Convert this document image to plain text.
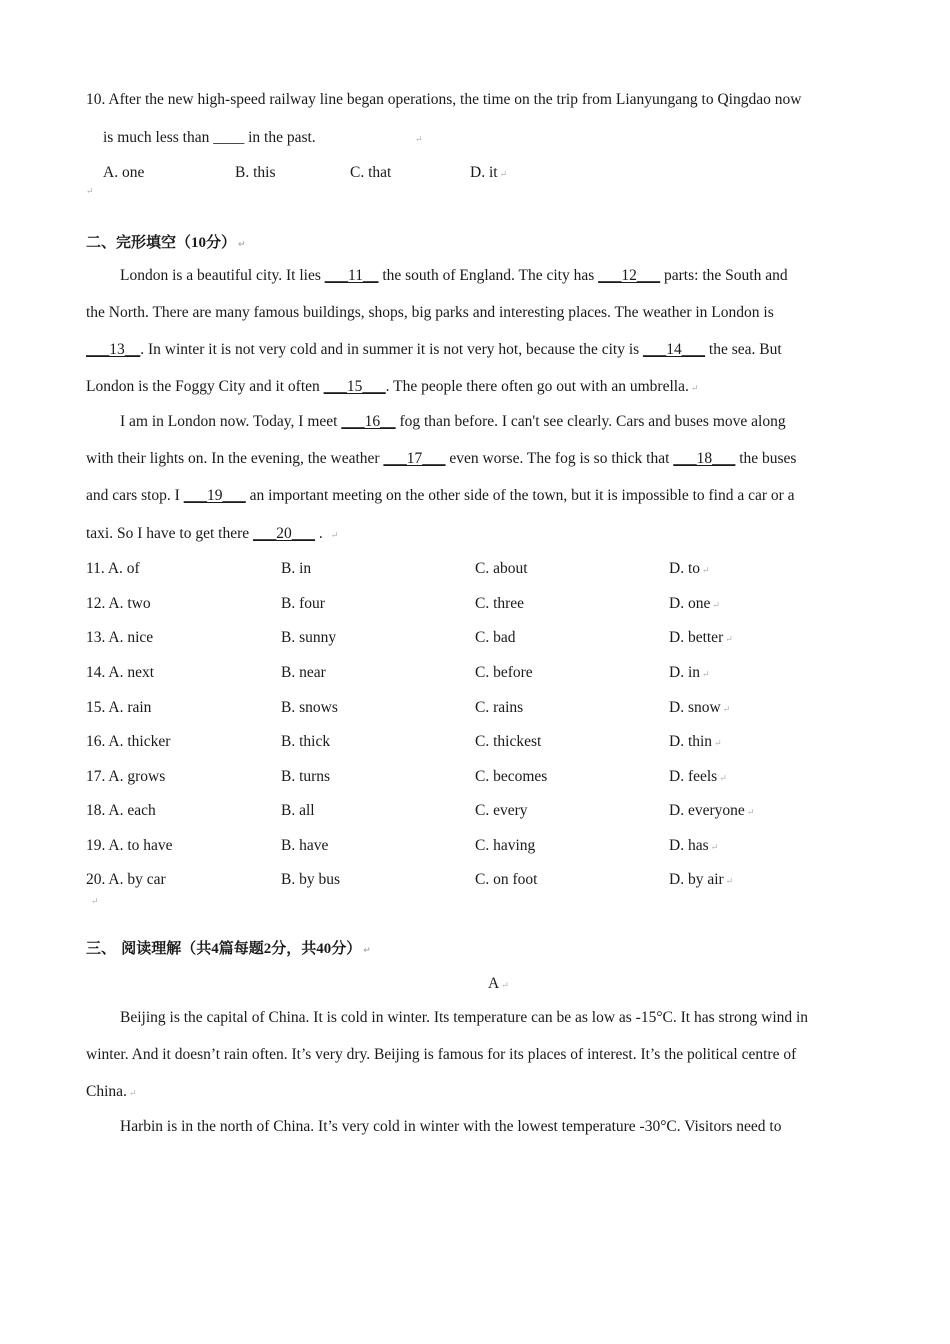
10. After the new high-speed railway line began operations, the time on the trip from Lianyungang to Qingdao now
is much less than ____ in the past.	↵
A. one	B. this	C. that	D. it ↵
↵
二、完形填空（10分） ↵
London is a beautiful city. It lies ___11__ the south of England. The city has ___12___ parts: the South and
the North. There are many famous buildings, shops, big parks and interesting places. The weather in London is
___13__. In winter it is not very cold and in summer it is not very hot, because the city is ___14___ the sea. But
London is the Foggy City and it often ___15___. The people there often go out with an umbrella. ↵
I am in London now. Today, I meet ___16__ fog than before. I can't see clearly. Cars and buses move along
with their lights on. In the evening, the weather ___17___ even worse. The fog is so thick that ___18___ the buses
and cars stop. I ___19___ an important meeting on the other side of the town, but it is impossible to find a car or a
taxi. So I have to get there ___20___ . ↵
11. A. of	B. in	C. about	D. to ↵
12. A. two	B. four	C. three	D. one ↵
13. A. nice	B. sunny	C. bad	D. better ↵
14. A. next	B. near	C. before	D. in ↵
15. A. rain	B. snows	C. rains	D. snow ↵
16. A. thicker	B. thick	C. thickest	D. thin ↵
17. A. grows	B. turns	C. becomes	D. feels ↵
18. A. each	B. all	C. every	D. everyone ↵
19. A. to have	B. have	C. having	D. has ↵
20. A. by car	B. by bus	C. on foot	D. by air ↵
↵
三、 阅读理解（共4篇每题2分，共40分） ↵
A ↵
Beijing is the capital of China. It is cold in winter. Its temperature can be as low as -15°C. It has strong wind in
winter. And it doesn’t rain often. It’s very dry. Beijing is famous for its places of interest. It’s the political centre of
China. ↵
Harbin is in the north of China. It’s very cold in winter with the lowest temperature -30°C. Visitors need to
